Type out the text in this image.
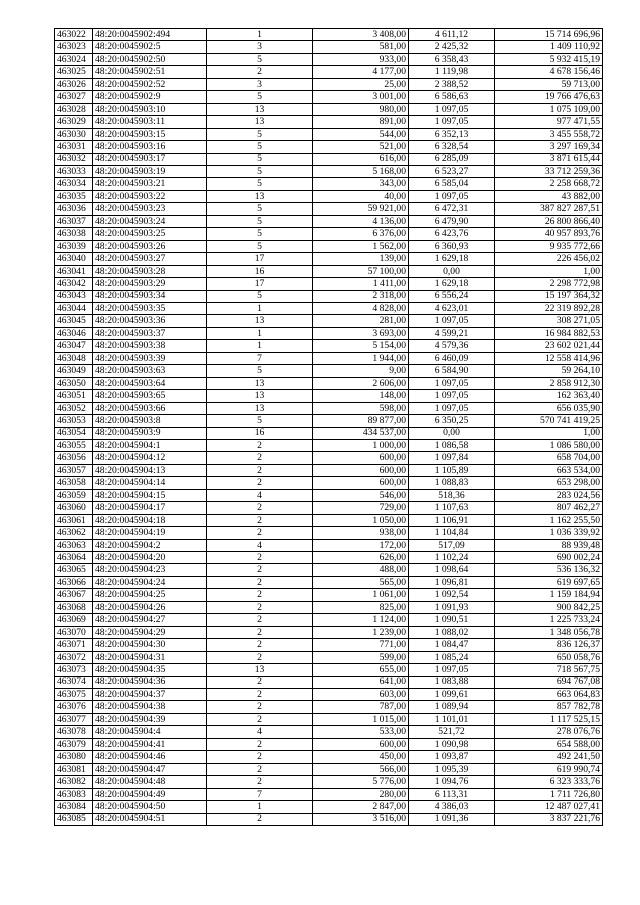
463022	48:20:0045902:494	1	3 408,00	4 611,12	15 714 696,96
463023	48:20:0045902:5	3	581,00	2 425,32	1 409 110,92
463024	48:20:0045902:50	5	933,00	6 358,43	5 932 415,19
463025	48:20:0045902:51	2	4 177,00	1 119,98	4 678 156,46
463026	48:20:0045902:52	3	25,00	2 388,52	59 713,00
463027	48:20:0045902:9	5	3 001,00	6 586,63	19 766 476,63
463028	48:20:0045903:10	13	980,00	1 097,05	1 075 109,00
463029	48:20:0045903:11	13	891,00	1 097,05	977 471,55
463030	48:20:0045903:15	5	544,00	6 352,13	3 455 558,72
463031	48:20:0045903:16	5	521,00	6 328,54	3 297 169,34
463032	48:20:0045903:17	5	616,00	6 285,09	3 871 615,44
463033	48:20:0045903:19	5	5 168,00	6 523,27	33 712 259,36
463034	48:20:0045903:21	5	343,00	6 585,04	2 258 668,72
463035	48:20:0045903:22	13	40,00	1 097,05	43 882,00
463036	48:20:0045903:23	5	59 921,00	6 472,31	387 827 287,51
463037	48:20:0045903:24	5	4 136,00	6 479,90	26 800 866,40
463038	48:20:0045903:25	5	6 376,00	6 423,76	40 957 893,76
463039	48:20:0045903:26	5	1 562,00	6 360,93	9 935 772,66
463040	48:20:0045903:27	17	139,00	1 629,18	226 456,02
463041	48:20:0045903:28	16	57 100,00	0,00	1,00
463042	48:20:0045903:29	17	1 411,00	1 629,18	2 298 772,98
463043	48:20:0045903:34	5	2 318,00	6 556,24	15 197 364,32
463044	48:20:0045903:35	1	4 828,00	4 623,01	22 319 892,28
463045	48:20:0045903:36	13	281,00	1 097,05	308 271,05
463046	48:20:0045903:37	1	3 693,00	4 599,21	16 984 882,53
463047	48:20:0045903:38	1	5 154,00	4 579,36	23 602 021,44
463048	48:20:0045903:39	7	1 944,00	6 460,09	12 558 414,96
463049	48:20:0045903:63	5	9,00	6 584,90	59 264,10
463050	48:20:0045903:64	13	2 606,00	1 097,05	2 858 912,30
463051	48:20:0045903:65	13	148,00	1 097,05	162 363,40
463052	48:20:0045903:66	13	598,00	1 097,05	656 035,90
463053	48:20:0045903:8	5	89 877,00	6 350,25	570 741 419,25
463054	48:20:0045903:9	16	434 537,00	0,00	1,00
463055	48:20:0045904:1	2	1 000,00	1 086,58	1 086 580,00
463056	48:20:0045904:12	2	600,00	1 097,84	658 704,00
463057	48:20:0045904:13	2	600,00	1 105,89	663 534,00
463058	48:20:0045904:14	2	600,00	1 088,83	653 298,00
463059	48:20:0045904:15	4	546,00	518,36	283 024,56
463060	48:20:0045904:17	2	729,00	1 107,63	807 462,27
463061	48:20:0045904:18	2	1 050,00	1 106,91	1 162 255,50
463062	48:20:0045904:19	2	938,00	1 104,84	1 036 339,92
463063	48:20:0045904:2	4	172,00	517,09	88 939,48
463064	48:20:0045904:20	2	626,00	1 102,24	690 002,24
463065	48:20:0045904:23	2	488,00	1 098,64	536 136,32
463066	48:20:0045904:24	2	565,00	1 096,81	619 697,65
463067	48:20:0045904:25	2	1 061,00	1 092,54	1 159 184,94
463068	48:20:0045904:26	2	825,00	1 091,93	900 842,25
463069	48:20:0045904:27	2	1 124,00	1 090,51	1 225 733,24
463070	48:20:0045904:29	2	1 239,00	1 088,02	1 348 056,78
463071	48:20:0045904:30	2	771,00	1 084,47	836 126,37
463072	48:20:0045904:31	2	599,00	1 085,24	650 058,76
463073	48:20:0045904:35	13	655,00	1 097,05	718 567,75
463074	48:20:0045904:36	2	641,00	1 083,88	694 767,08
463075	48:20:0045904:37	2	603,00	1 099,61	663 064,83
463076	48:20:0045904:38	2	787,00	1 089,94	857 782,78
463077	48:20:0045904:39	2	1 015,00	1 101,01	1 117 525,15
463078	48:20:0045904:4	4	533,00	521,72	278 076,76
463079	48:20:0045904:41	2	600,00	1 090,98	654 588,00
463080	48:20:0045904:46	2	450,00	1 093,87	492 241,50
463081	48:20:0045904:47	2	566,00	1 095,39	619 990,74
463082	48:20:0045904:48	2	5 776,00	1 094,76	6 323 333,76
463083	48:20:0045904:49	7	280,00	6 113,31	1 711 726,80
463084	48:20:0045904:50	1	2 847,00	4 386,03	12 487 027,41
463085	48:20:0045904:51	2	3 516,00	1 091,36	3 837 221,76
